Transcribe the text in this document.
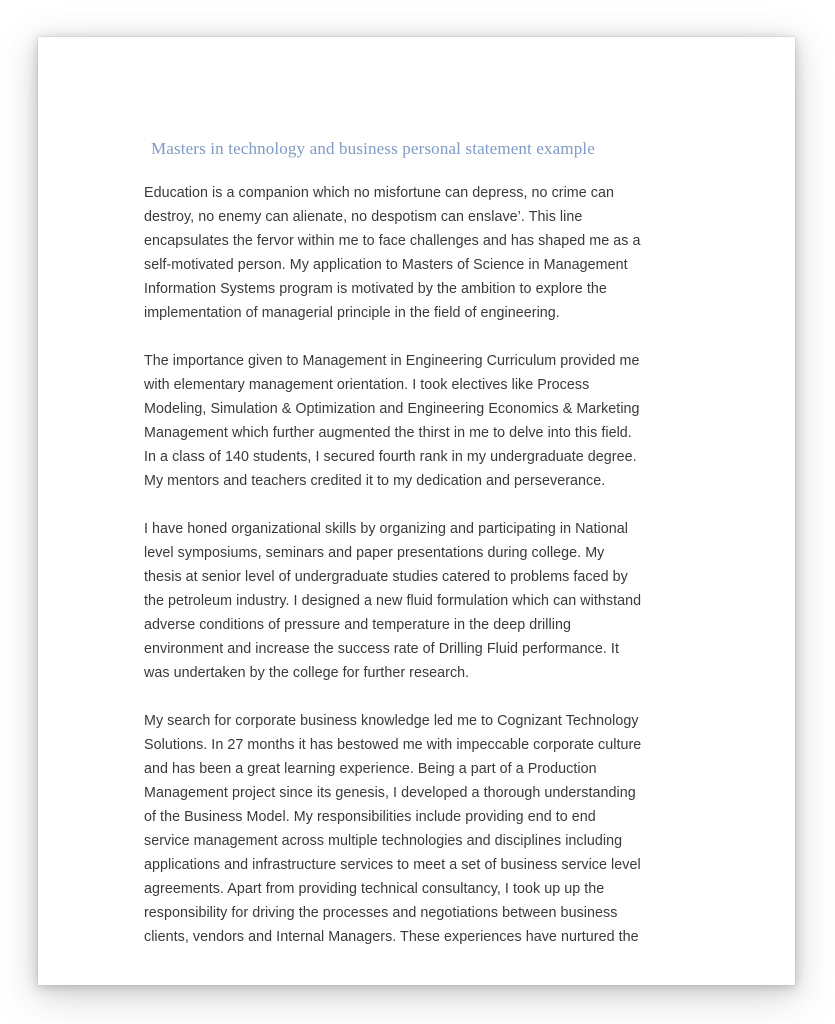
Masters in technology and business personal statement example

Education is a companion which no misfortune can depress, no crime can destroy, no enemy can alienate, no despotism can enslave’. This line encapsulates the fervor within me to face challenges and has shaped me as a self-motivated person. My application to Masters of Science in Management Information Systems program is motivated by the ambition to explore the implementation of managerial principle in the field of engineering.

The importance given to Management in Engineering Curriculum provided me with elementary management orientation. I took electives like Process Modeling, Simulation & Optimization and Engineering Economics & Marketing Management which further augmented the thirst in me to delve into this field. In a class of 140 students, I secured fourth rank in my undergraduate degree. My mentors and teachers credited it to my dedication and perseverance.

I have honed organizational skills by organizing and participating in National level symposiums, seminars and paper presentations during college. My thesis at senior level of undergraduate studies catered to problems faced by the petroleum industry. I designed a new fluid formulation which can withstand adverse conditions of pressure and temperature in the deep drilling environment and increase the success rate of Drilling Fluid performance. It was undertaken by the college for further research.

My search for corporate business knowledge led me to Cognizant Technology Solutions. In 27 months it has bestowed me with impeccable corporate culture and has been a great learning experience. Being a part of a Production Management project since its genesis, I developed a thorough understanding of the Business Model. My responsibilities include providing end to end service management across multiple technologies and disciplines including applications and infrastructure services to meet a set of business service level agreements. Apart from providing technical consultancy, I took up up the responsibility for driving the processes and negotiations between business clients, vendors and Internal Managers. These experiences have nurtured the
